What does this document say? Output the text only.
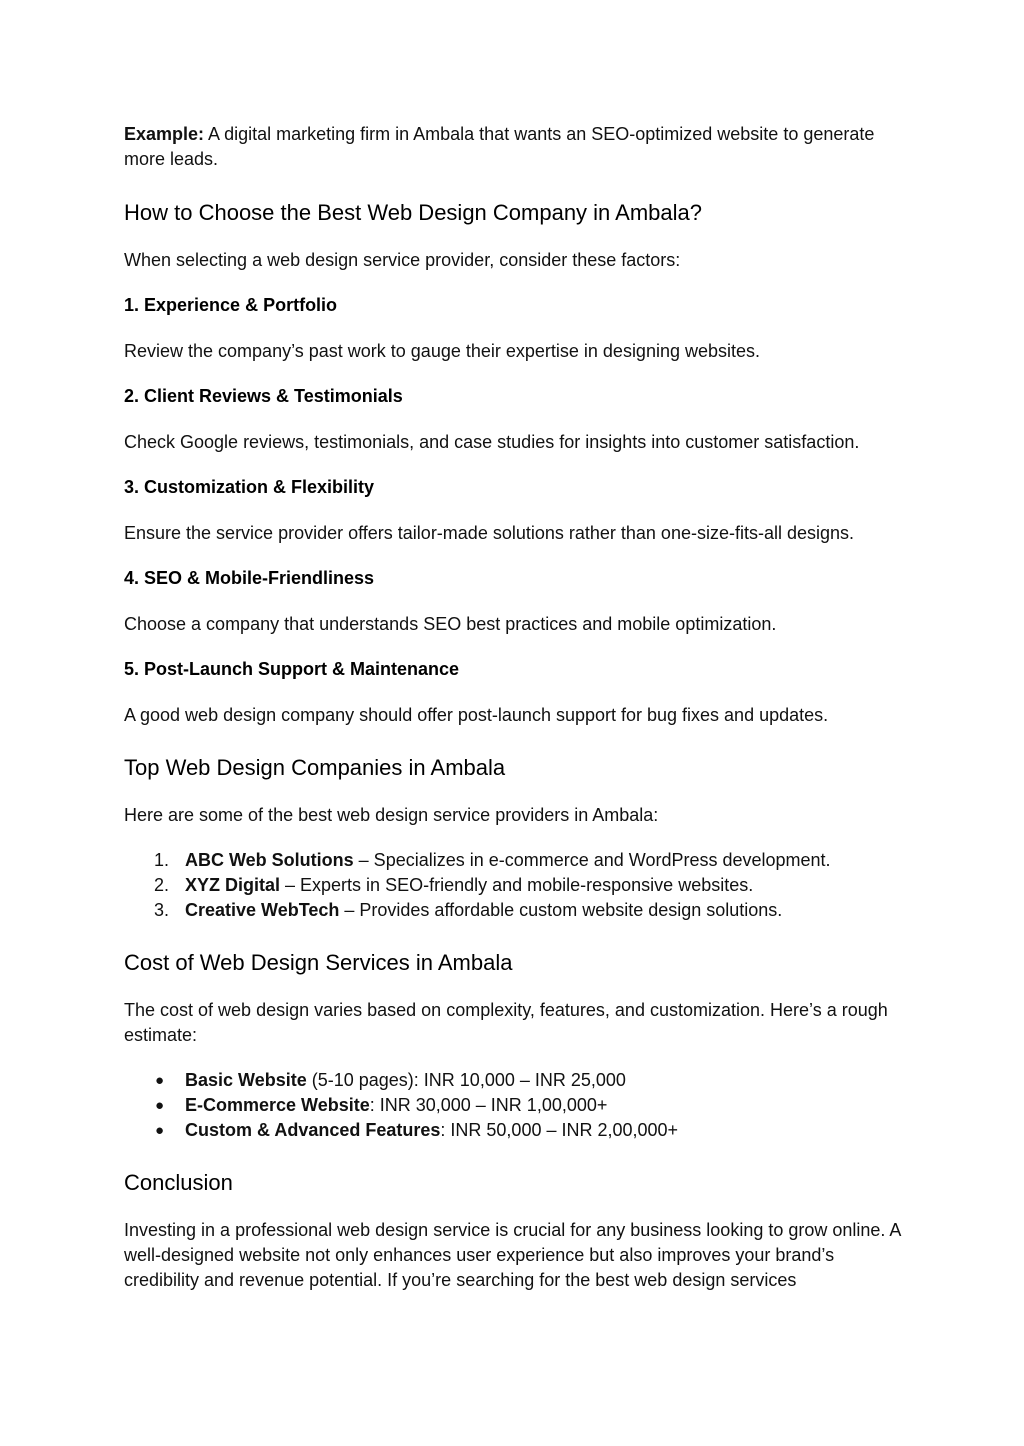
Example: A digital marketing firm in Ambala that wants an SEO-optimized website to generate more leads.

How to Choose the Best Web Design Company in Ambala?

When selecting a web design service provider, consider these factors:

1. Experience & Portfolio

Review the company’s past work to gauge their expertise in designing websites.

2. Client Reviews & Testimonials

Check Google reviews, testimonials, and case studies for insights into customer satisfaction.

3. Customization & Flexibility

Ensure the service provider offers tailor-made solutions rather than one-size-fits-all designs.

4. SEO & Mobile-Friendliness

Choose a company that understands SEO best practices and mobile optimization.

5. Post-Launch Support & Maintenance

A good web design company should offer post-launch support for bug fixes and updates.

Top Web Design Companies in Ambala

Here are some of the best web design service providers in Ambala:

1. ABC Web Solutions – Specializes in e-commerce and WordPress development.
2. XYZ Digital – Experts in SEO-friendly and mobile-responsive websites.
3. Creative WebTech – Provides affordable custom website design solutions.
Cost of Web Design Services in Ambala

The cost of web design varies based on complexity, features, and customization. Here’s a rough estimate:

● Basic Website (5-10 pages): INR 10,000 – INR 25,000
● E-Commerce Website: INR 30,000 – INR 1,00,000+
● Custom & Advanced Features: INR 50,000 – INR 2,00,000+
Conclusion

Investing in a professional web design service is crucial for any business looking to grow online. A well-designed website not only enhances user experience but also improves your brand’s credibility and revenue potential. If you’re searching for the best web design services
